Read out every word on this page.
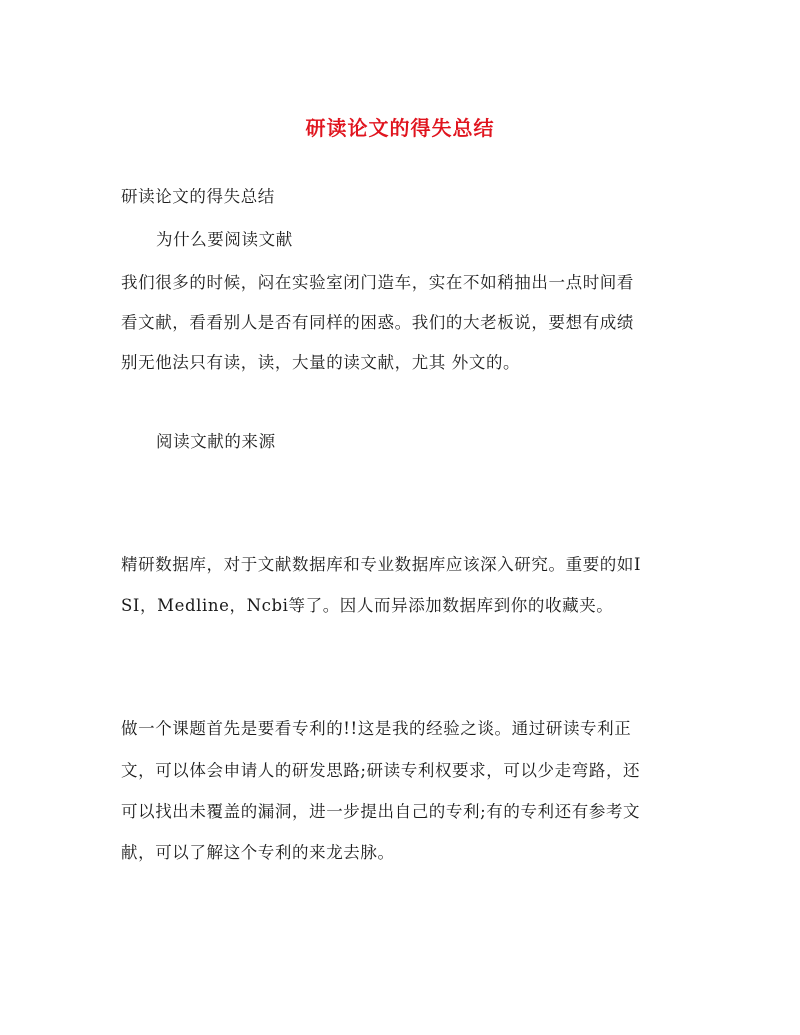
研读论文的得失总结
研读论文的得失总结
为什么要阅读文献
我们很多的时候，闷在实验室闭门造车，实在不如稍抽出一点时间看
看文献，看看别人是否有同样的困惑。我们的大老板说，要想有成绩
别无他法只有读，读，大量的读文献，尤其 外文的。
阅读文献的来源
精研数据库，对于文献数据库和专业数据库应该深入研究。重要的如I
SI，Medline，Ncbi等了。因人而异添加数据库到你的收藏夹。
做一个课题首先是要看专利的!!这是我的经验之谈。通过研读专利正
文，可以体会申请人的研发思路;研读专利权要求，可以少走弯路，还
可以找出未覆盖的漏洞，进一步提出自己的专利;有的专利还有参考文
献，可以了解这个专利的来龙去脉。
